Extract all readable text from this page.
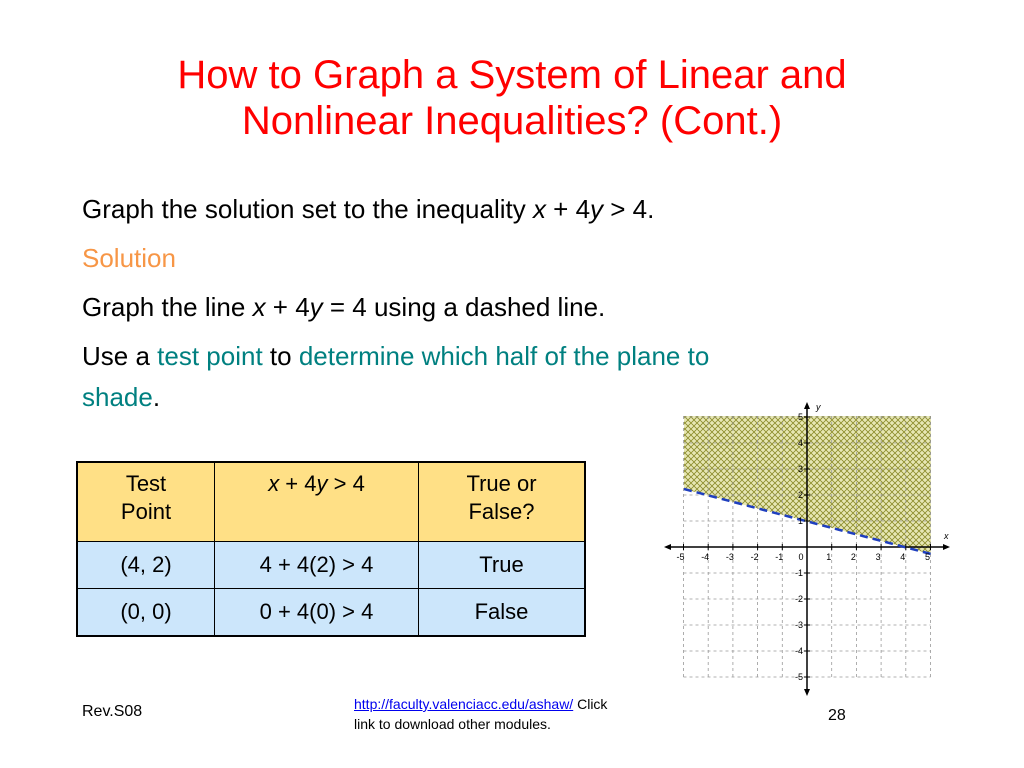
How to Graph a System of Linear and
Nonlinear Inequalities? (Cont.)
Graph the solution set to the inequality x + 4y > 4.
Solution
Graph the line x + 4y = 4 using a dashed line.
Use a test point to determine which half of the plane to
shade.
Test
Point	x + 4y > 4	True or
False?
(4, 2)	4 + 4(2) > 4	True
(0, 0)	0 + 4(0) > 4	False
-5 -4 -3 -2 -1 0	1 2 3 4 5
5
4
3
2
1
-1
-2
-3
-4
-5
x
y
Rev.S08	http://faculty.valenciacc.edu/ashaw/ Click
link to download other modules.	28
